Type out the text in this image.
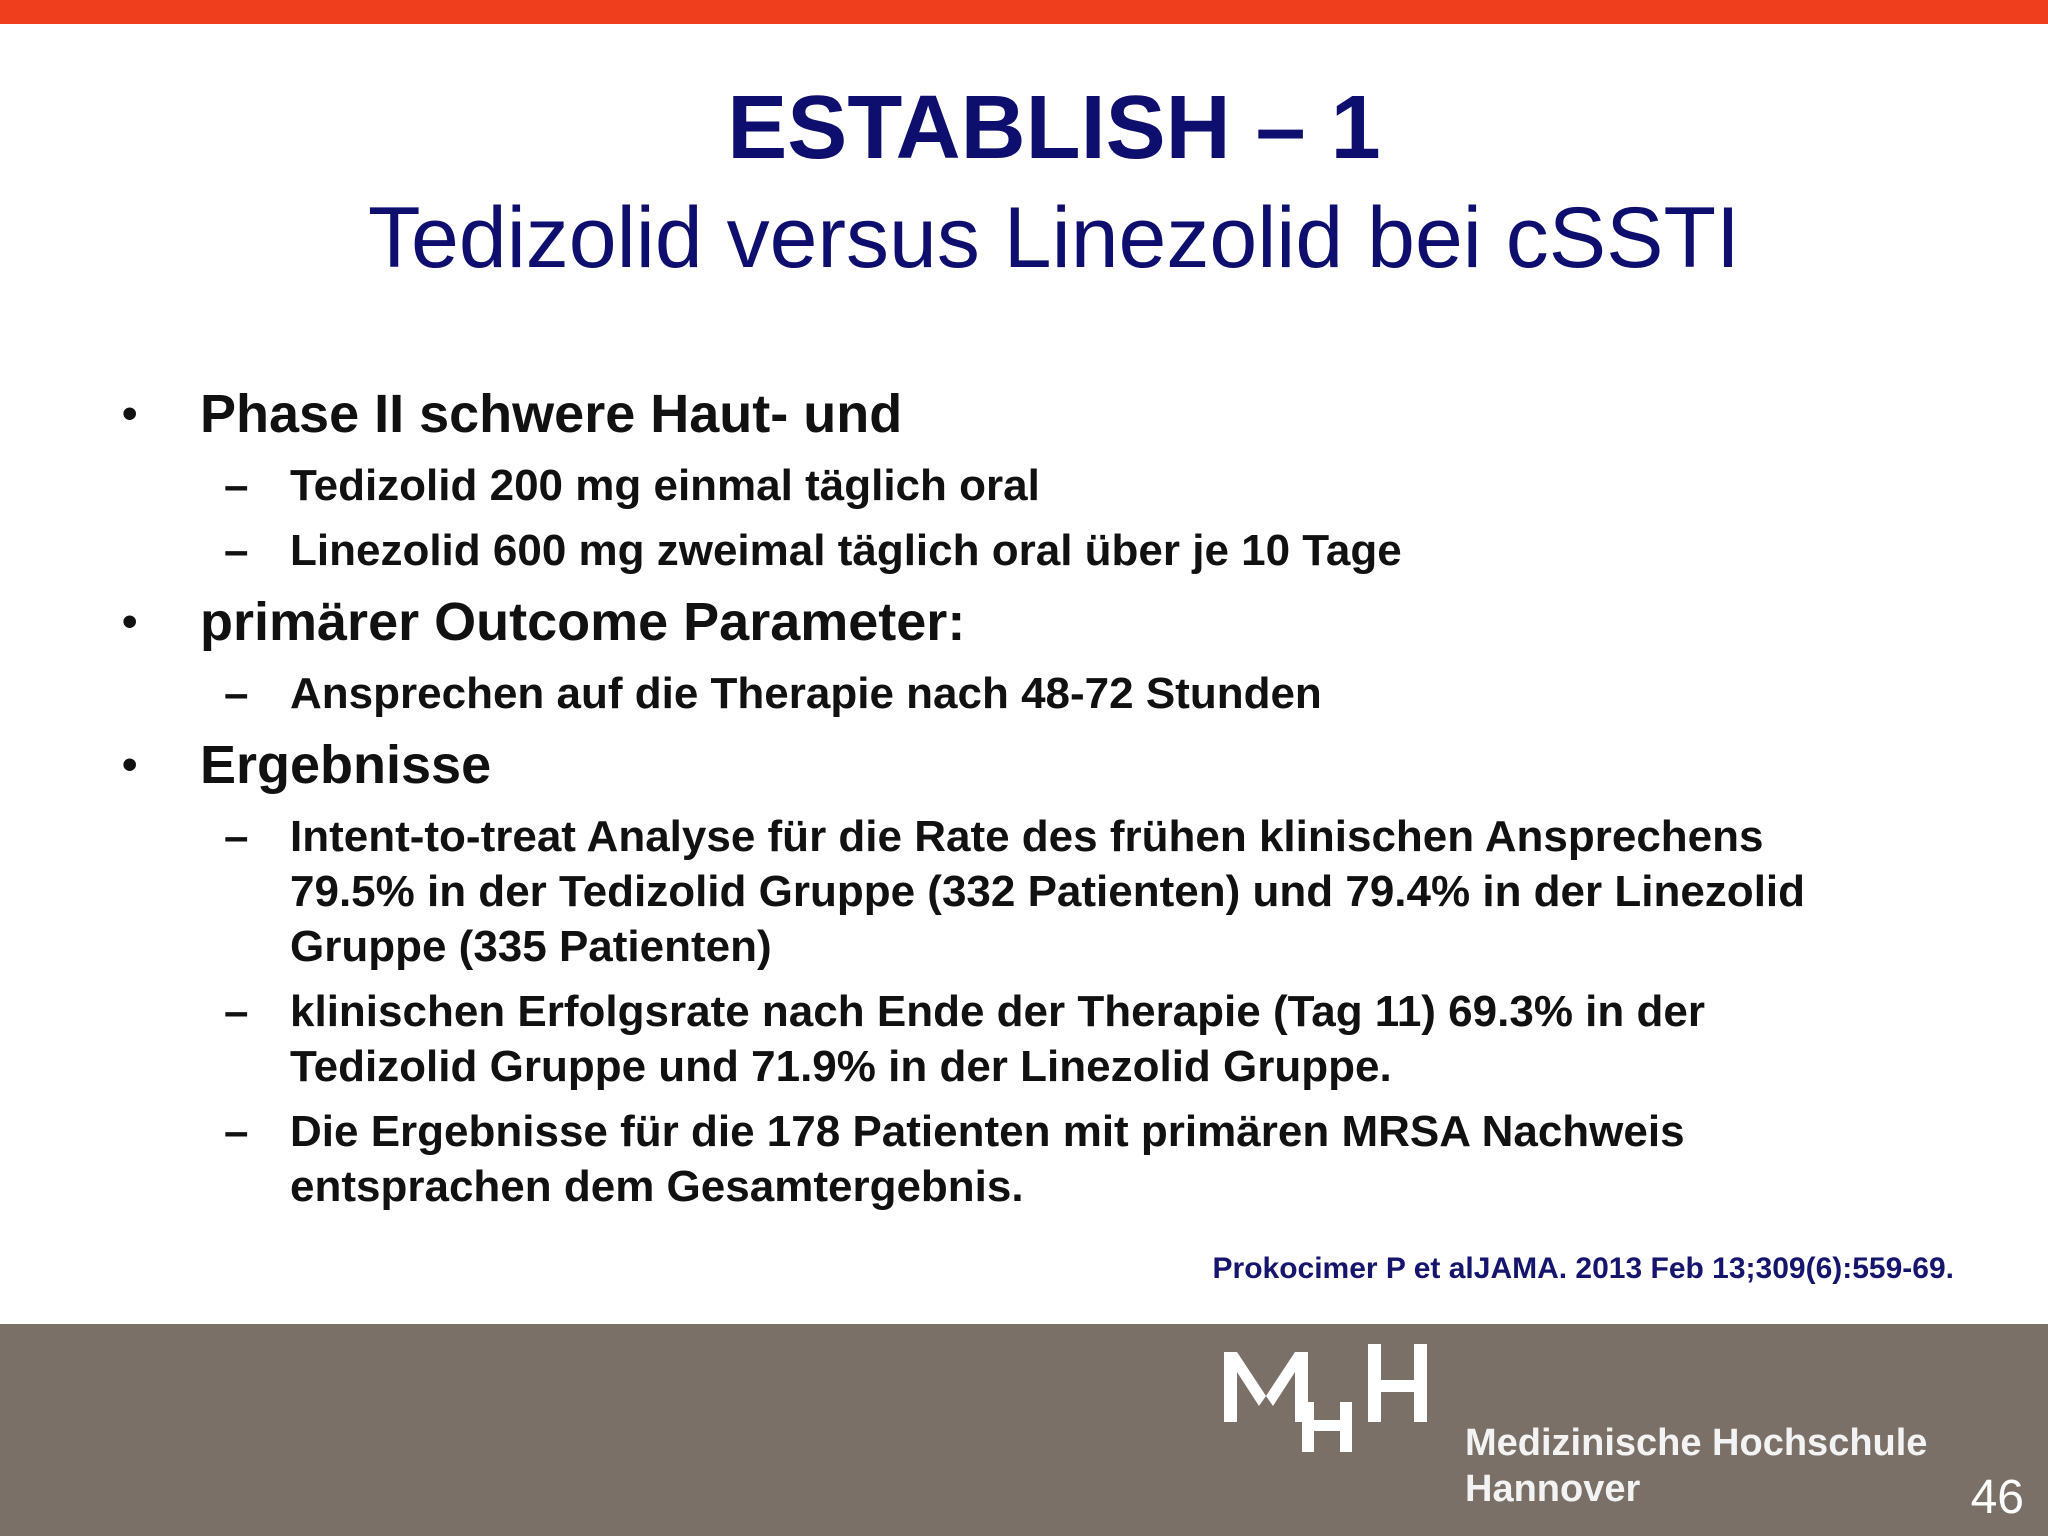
ESTABLISH – 1
Tedizolid versus Linezolid bei cSSTI
• Phase II schwere Haut- und
– Tedizolid 200 mg einmal täglich oral
– Linezolid 600 mg zweimal täglich oral über je 10 Tage
• primärer Outcome Parameter:
– Ansprechen auf die Therapie nach 48-72 Stunden
• Ergebnisse
– Intent-to-treat Analyse für die Rate des frühen klinischen Ansprechens 79.5% in der Tedizolid Gruppe (332 Patienten) und 79.4% in der Linezolid Gruppe (335 Patienten)
– klinischen Erfolgsrate nach Ende der Therapie (Tag 11) 69.3% in der Tedizolid Gruppe und 71.9% in der Linezolid Gruppe.
– Die Ergebnisse für die 178 Patienten mit primären MRSA Nachweis entsprachen dem Gesamtergebnis.
Prokocimer P et alJAMA. 2013 Feb 13;309(6):559-69.
Medizinische Hochschule
Hannover	46
